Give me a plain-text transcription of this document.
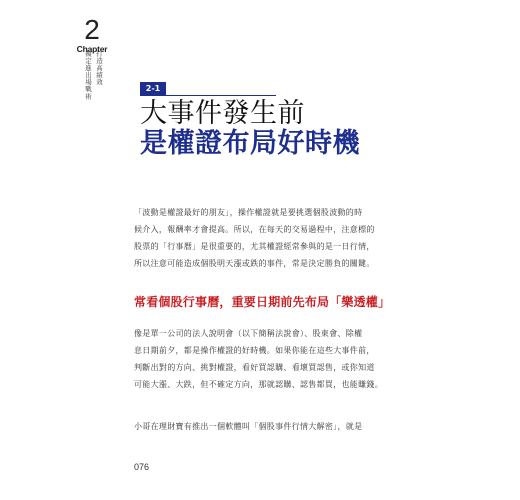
2
Chapter
打造高績效
擬定進出場戰術	2-1
大事件發生前
是權證布局好時機
「波動是權證最好的朋友」，操作權證就是要挑選個股波動的時
候介入，報酬率才會提高。所以，在每天的交易過程中，注意標的
股票的「行事曆」是很重要的，尤其權證經常參與的是一日行情，
所以注意可能造成個股明天漲或跌的事件，常是決定勝負的關鍵。
常看個股行事曆，重要日期前先布局「樂透權」
像是單一公司的法人說明會（以下簡稱法說會）、股東會、除權
息日期前夕，都是操作權證的好時機。如果你能在這些大事件前，
判斷出對的方向、挑對權證，看好買認購、看壞買認售，或你知道
可能大漲、大跌，但不確定方向，那就認購、認售都買，也能賺錢。
小哥在理財寶有推出一個軟體叫「個股事件行情大解密」，就是
076
